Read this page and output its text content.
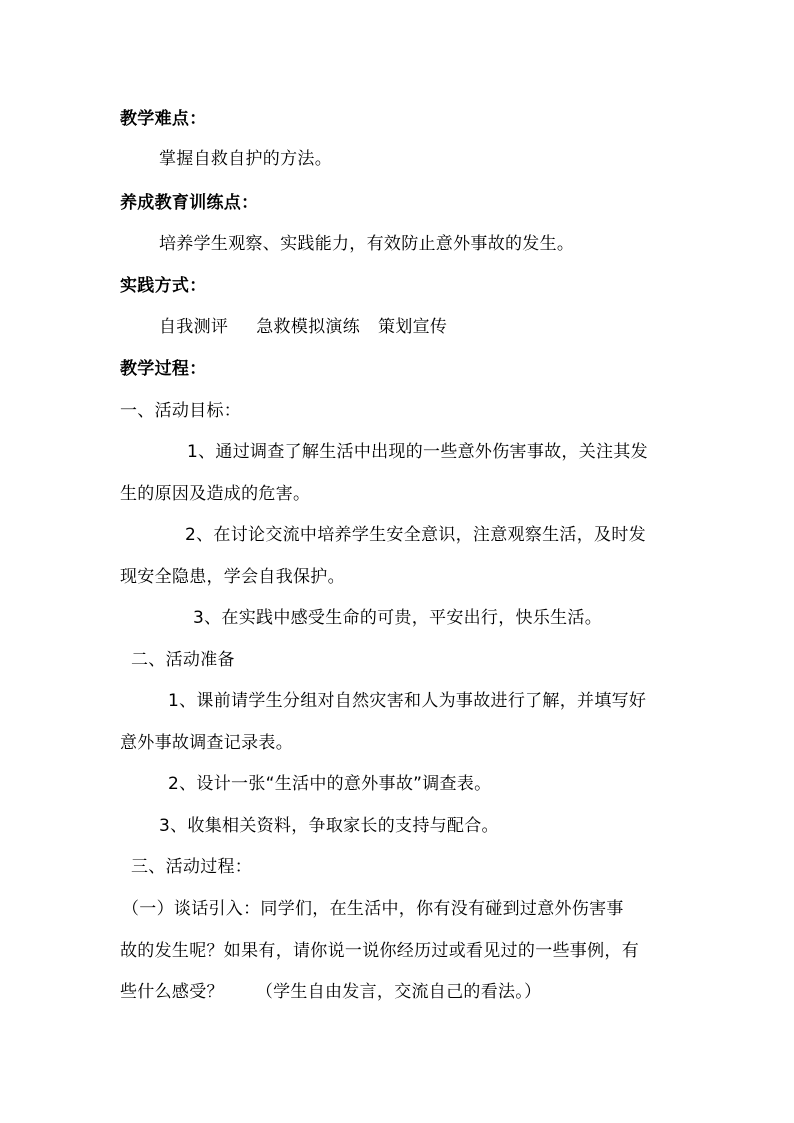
教学难点：
掌握自救自护的方法。
养成教育训练点：
培养学生观察、实践能力，有效防止意外事故的发生。
实践方式：
自我测评 急救模拟演练 策划宣传
教学过程：
一、活动目标：
1、通过调查了解生活中出现的一些意外伤害事故，关注其发
生的原因及造成的危害。
2、在讨论交流中培养学生安全意识，注意观察生活，及时发
现安全隐患，学会自我保护。
3、在实践中感受生命的可贵，平安出行，快乐生活。
二、活动准备
1、课前请学生分组对自然灾害和人为事故进行了解，并填写好
意外事故调查记录表。
2、设计一张“生活中的意外事故”调查表。
3、收集相关资料，争取家长的支持与配合。
三、活动过程：
（一）谈话引入：同学们，在生活中，你有没有碰到过意外伤害事
故的发生呢？如果有，请你说一说你经历过或看见过的一些事例，有
些什么感受？ （学生自由发言，交流自己的看法。）
